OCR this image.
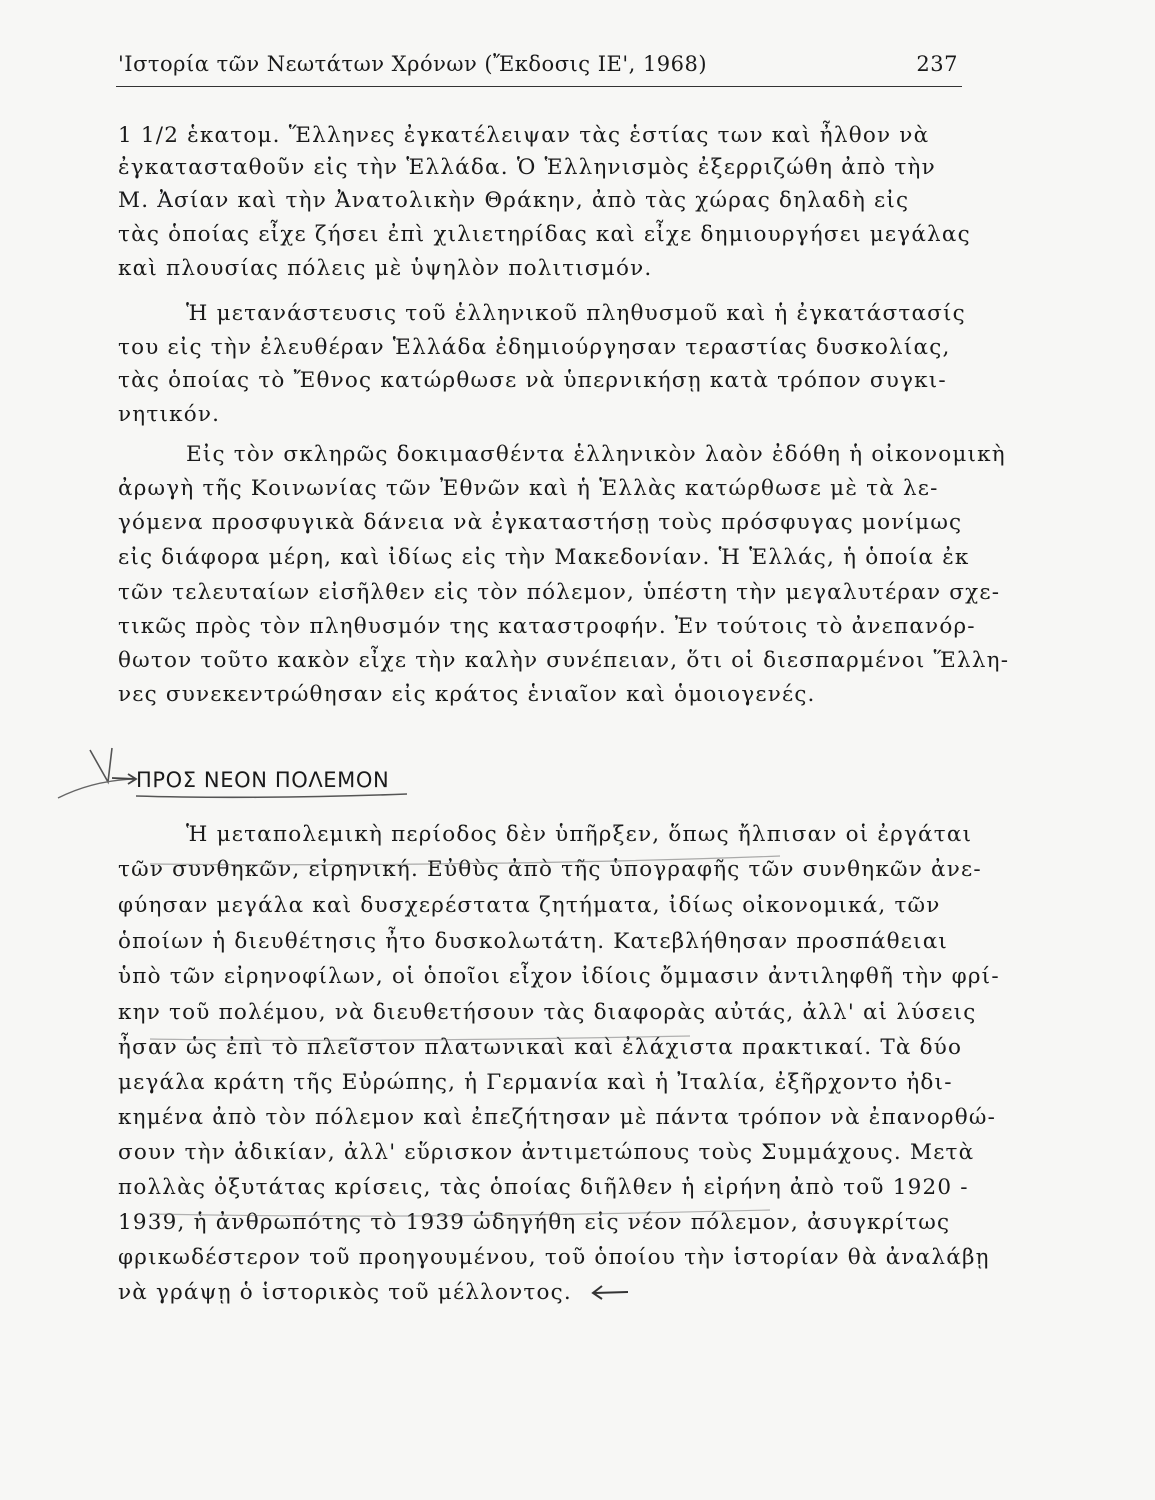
'Ιστορία τῶν Νεωτάτων Χρόνων (Ἔκδοσις ΙΕ', 1968)	237
1 1/2 ἑκατομ. Ἕλληνες ἐγκατέλειψαν τὰς ἑστίας των καὶ ἦλθον νὰ
ἐγκατασταθοῦν εἰς τὴν Ἑλλάδα. Ὁ Ἑλληνισμὸς ἐξερριζώθη ἀπὸ τὴν
Μ. Ἀσίαν καὶ τὴν Ἀνατολικὴν Θράκην, ἀπὸ τὰς χώρας δηλαδὴ εἰς
τὰς ὁποίας εἶχε ζήσει ἐπὶ χιλιετηρίδας καὶ εἶχε δημιουργήσει μεγάλας
καὶ πλουσίας πόλεις μὲ ὑψηλὸν πολιτισμόν.
Ἡ μετανάστευσις τοῦ ἑλληνικοῦ πληθυσμοῦ καὶ ἡ ἐγκατάστασίς
του εἰς τὴν ἐλευθέραν Ἑλλάδα ἐδημιούργησαν τεραστίας δυσκολίας,
τὰς ὁποίας τὸ Ἔθνος κατώρθωσε νὰ ὑπερνικήσῃ κατὰ τρόπον συγκι-
νητικόν.
Εἰς τὸν σκληρῶς δοκιμασθέντα ἑλληνικὸν λαὸν ἐδόθη ἡ οἰκονομικὴ
ἀρωγὴ τῆς Κοινωνίας τῶν Ἐθνῶν καὶ ἡ Ἑλλὰς κατώρθωσε μὲ τὰ λε-
γόμενα προσφυγικὰ δάνεια νὰ ἐγκαταστήσῃ τοὺς πρόσφυγας μονίμως
εἰς διάφορα μέρη, καὶ ἰδίως εἰς τὴν Μακεδονίαν. Ἡ Ἑλλάς, ἡ ὁποία ἐκ
τῶν τελευταίων εἰσῆλθεν εἰς τὸν πόλεμον, ὑπέστη τὴν μεγαλυτέραν σχε-
τικῶς πρὸς τὸν πληθυσμόν της καταστροφήν. Ἐν τούτοις τὸ ἀνεπανόρ-
θωτον τοῦτο κακὸν εἶχε τὴν καλὴν συνέπειαν, ὅτι οἱ διεσπαρμένοι Ἕλλη-
νες συνεκεντρώθησαν εἰς κράτος ἑνιαῖον καὶ ὁμοιογενές.
ΠΡΟΣ ΝΕΟΝ ΠΟΛΕΜΟΝ
Ἡ μεταπολεμικὴ περίοδος δὲν ὑπῆρξεν, ὅπως ἤλπισαν οἱ ἐργάται
τῶν συνθηκῶν, εἰρηνική. Εὐθὺς ἀπὸ τῆς ὑπογραφῆς τῶν συνθηκῶν ἀνε-
φύησαν μεγάλα καὶ δυσχερέστατα ζητήματα, ἰδίως οἰκονομικά, τῶν
ὁποίων ἡ διευθέτησις ἦτο δυσκολωτάτη. Κατεβλήθησαν προσπάθειαι
ὑπὸ τῶν εἰρηνοφίλων, οἱ ὁποῖοι εἶχον ἰδίοις ὄμμασιν ἀντιληφθῆ τὴν φρί-
κην τοῦ πολέμου, νὰ διευθετήσουν τὰς διαφορὰς αὐτάς, ἀλλ' αἱ λύσεις
ἦσαν ὡς ἐπὶ τὸ πλεῖστον πλατωνικαὶ καὶ ἐλάχιστα πρακτικαί. Τὰ δύο
μεγάλα κράτη τῆς Εὐρώπης, ἡ Γερμανία καὶ ἡ Ἰταλία, ἐξῆρχοντο ἠδι-
κημένα ἀπὸ τὸν πόλεμον καὶ ἐπεζήτησαν μὲ πάντα τρόπον νὰ ἐπανορθώ-
σουν τὴν ἀδικίαν, ἀλλ' εὕρισκον ἀντιμετώπους τοὺς Συμμάχους. Μετὰ
πολλὰς ὀξυτάτας κρίσεις, τὰς ὁποίας διῆλθεν ἡ εἰρήνη ἀπὸ τοῦ 1920 -
1939, ἡ ἀνθρωπότης τὸ 1939 ὡδηγήθη εἰς νέον πόλεμον, ἀσυγκρίτως
φρικωδέστερον τοῦ προηγουμένου, τοῦ ὁποίου τὴν ἱστορίαν θὰ ἀναλάβῃ
νὰ γράψῃ ὁ ἱστορικὸς τοῦ μέλλοντος.
